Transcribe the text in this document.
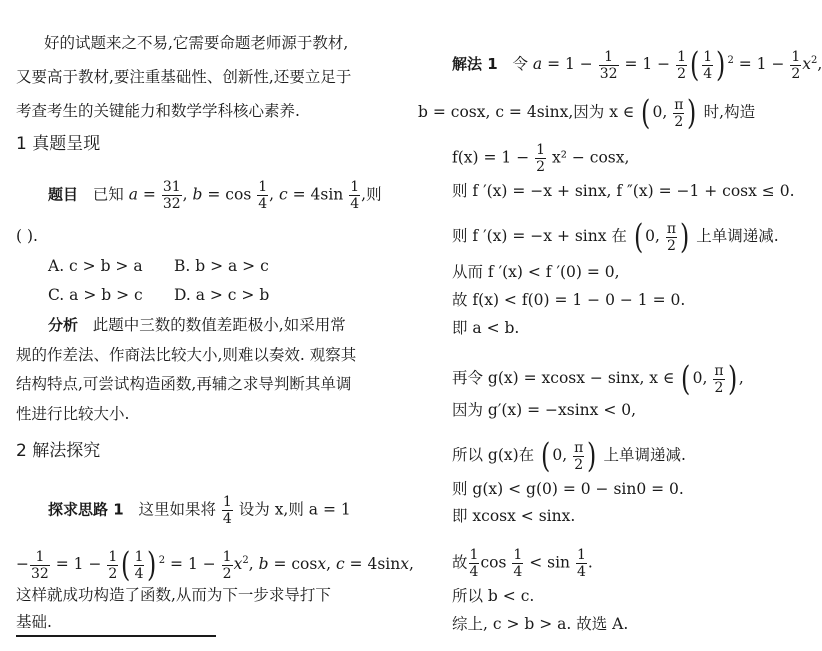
好的试题来之不易,它需要命题老师源于教材,
又要高于教材,要注重基础性、创新性,还要立足于
考查考生的关键能力和数学学科核心素养.
1 真题呈现
题目 已知 $a = \frac{31}{32}$ , $b = \cos \frac{1}{4}$ , $c = 4\sin \frac{1}{4}$ ,则
( ).
A. c > b > a B. b > a > c
C. a > b > c D. a > c > b
分析 此题中三数的数值差距极小,如采用常
规的作差法、作商法比较大小,则难以奏效. 观察其
结构特点,可尝试构造函数,再辅之求导判断其单调
性进行比较大小.
2 解法探究
探求思路 1 这里如果将 $\frac{1}{4}$ 设为 x,则 a = 1
− $\frac{1}{32} = 1 - \frac{1}{2}$ ( $\frac{1}{4}$ ) $^2 = 1 - \frac{1}{2} x^2$, b = cosx, c = 4sinx,
这样就成功构造了函数,从而为下一步求导打下
基础.
解法 1   令 $a = 1 - \frac{1}{32} = 1 - \frac{1}{2}$ ( $\frac{1}{4}$ ) $^2 = 1 - \frac{1}{2} x^2$,
b = cosx, c = 4sinx,因为 x ∈ ( 0, $\frac{\pi}{2}$ ) 时,构造
$f(x) = 1 - \frac{1}{2} x^2 - \cos x$,
则 f ′(x) = −x + sinx, f ″(x) = −1 + cosx ≤ 0.
则 f ′(x) = −x + sinx 在 ( 0, $\frac{\pi}{2}$ ) 上单调递减.
从而 f ′(x) < f ′(0) = 0,
故 f(x) < f(0) = 1 − 0 − 1 = 0.
即 a < b.
再令 g(x) = xcosx − sinx, x ∈ ( 0, $\frac{\pi}{2}$ ) ,
因为 g′(x) = −xsinx < 0,
所以 g(x)在 ( 0, $\frac{\pi}{2}$ ) 上单调递减.
则 g(x) < g(0) = 0 − sin0 = 0.
即 xcosx < sinx.
故 $\frac{1}{4}$ $\cos \frac{1}{4} < \sin \frac{1}{4}$ .
所以 b < c.
综上, c > b > a. 故选 A.
